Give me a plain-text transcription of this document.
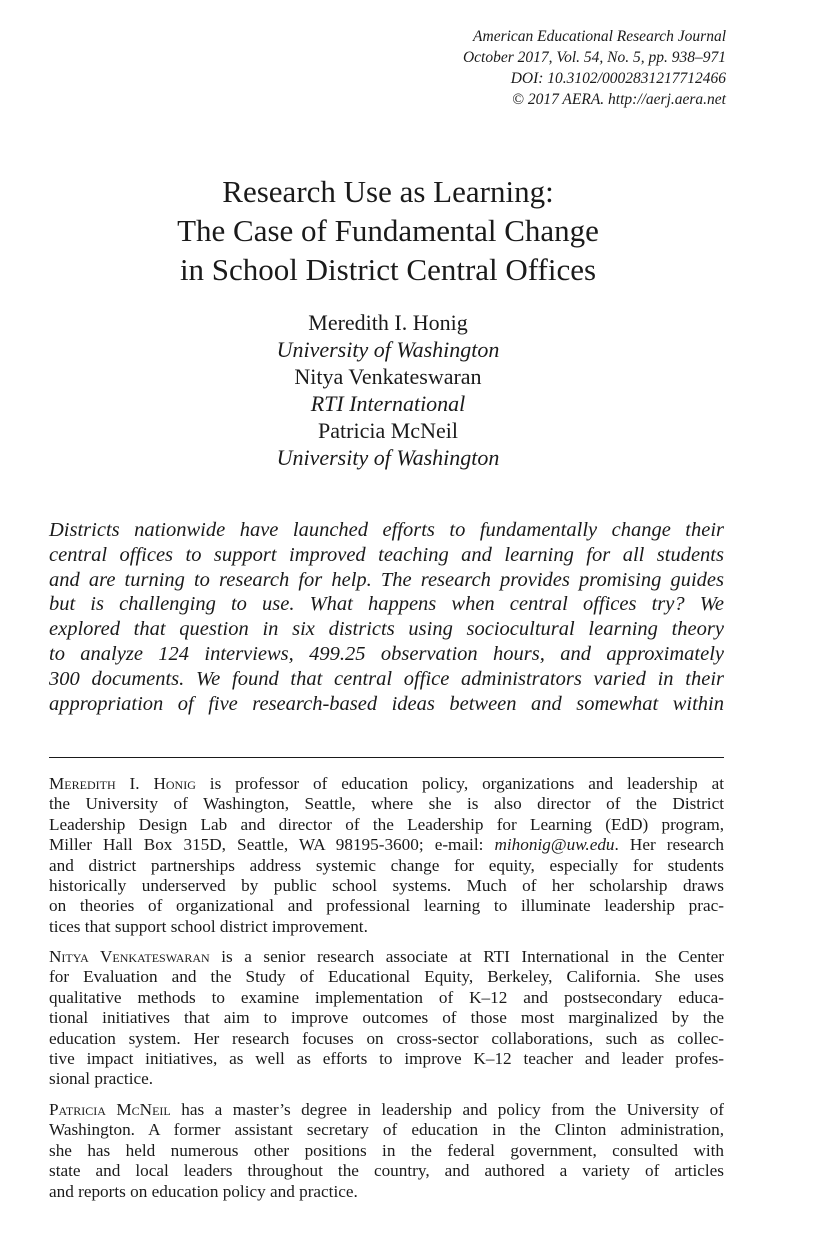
American Educational Research Journal
October 2017, Vol. 54, No. 5, pp. 938–971
DOI: 10.3102/0002831217712466
© 2017 AERA. http://aerj.aera.net
Research Use as Learning:
The Case of Fundamental Change
in School District Central Offices
Meredith I. Honig
University of Washington
Nitya Venkateswaran
RTI International
Patricia McNeil
University of Washington
Districts nationwide have launched efforts to fundamentally change their
central offices to support improved teaching and learning for all students
and are turning to research for help. The research provides promising guides
but is challenging to use. What happens when central offices try? We
explored that question in six districts using sociocultural learning theory
to analyze 124 interviews, 499.25 observation hours, and approximately
300 documents. We found that central office administrators varied in their
appropriation of five research-based ideas between and somewhat within
Meredith I. Honig is professor of education policy, organizations and leadership at
the University of Washington, Seattle, where she is also director of the District
Leadership Design Lab and director of the Leadership for Learning (EdD) program,
Miller Hall Box 315D, Seattle, WA 98195-3600; e-mail: mihonig@uw.edu. Her research
and district partnerships address systemic change for equity, especially for students
historically underserved by public school systems. Much of her scholarship draws
on theories of organizational and professional learning to illuminate leadership prac-
tices that support school district improvement.
Nitya Venkateswaran is a senior research associate at RTI International in the Center
for Evaluation and the Study of Educational Equity, Berkeley, California. She uses
qualitative methods to examine implementation of K–12 and postsecondary educa-
tional initiatives that aim to improve outcomes of those most marginalized by the
education system. Her research focuses on cross-sector collaborations, such as collec-
tive impact initiatives, as well as efforts to improve K–12 teacher and leader profes-
sional practice.
Patricia McNeil has a master’s degree in leadership and policy from the University of
Washington. A former assistant secretary of education in the Clinton administration,
she has held numerous other positions in the federal government, consulted with
state and local leaders throughout the country, and authored a variety of articles
and reports on education policy and practice.
